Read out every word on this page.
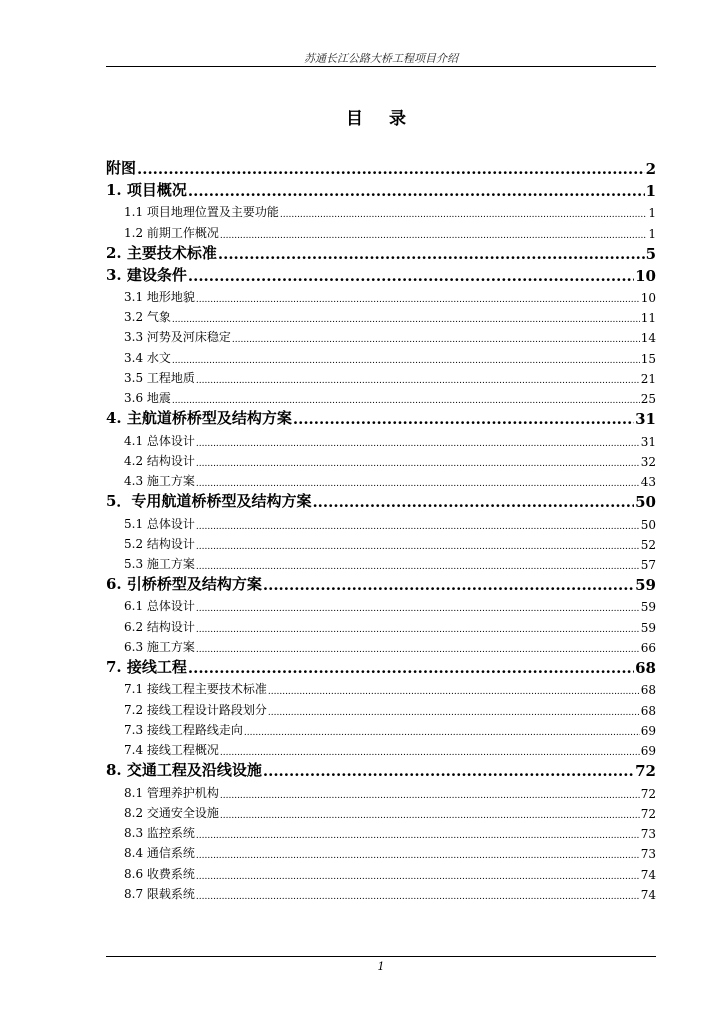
苏通长江公路大桥工程项目介绍
目 录
附图 .....	2
1. 项目概况 .....	1
1.1 项目地理位置及主要功能 .....	1
1.2 前期工作概况 .....	1
2. 主要技术标准 .....	5
3. 建设条件 .....	10
3.1 地形地貌 .....	10
3.2 气象 .....	11
3.3 河势及河床稳定 .....	14
3.4 水文 .....	15
3.5 工程地质 .....	21
3.6 地震 .....	25
4. 主航道桥桥型及结构方案 .....	31
4.1 总体设计 .....	31
4.2 结构设计 .....	32
4.3 施工方案 .....	43
5．专用航道桥桥型及结构方案 .....	50
5.1 总体设计 .....	50
5.2 结构设计 .....	52
5.3 施工方案 .....	57
6. 引桥桥型及结构方案 .....	59
6.1 总体设计 .....	59
6.2 结构设计 .....	59
6.3 施工方案 .....	66
7. 接线工程 .....	68
7.1 接线工程主要技术标准 .....	68
7.2 接线工程设计路段划分 .....	68
7.3 接线工程路线走向 .....	69
7.4 接线工程概况 .....	69
8. 交通工程及沿线设施 .....	72
8.1 管理养护机构 .....	72
8.2 交通安全设施 .....	72
8.3 监控系统 .....	73
8.4 通信系统 .....	73
8.6 收费系统 .....	74
8.7 限载系统 .....	74
1
